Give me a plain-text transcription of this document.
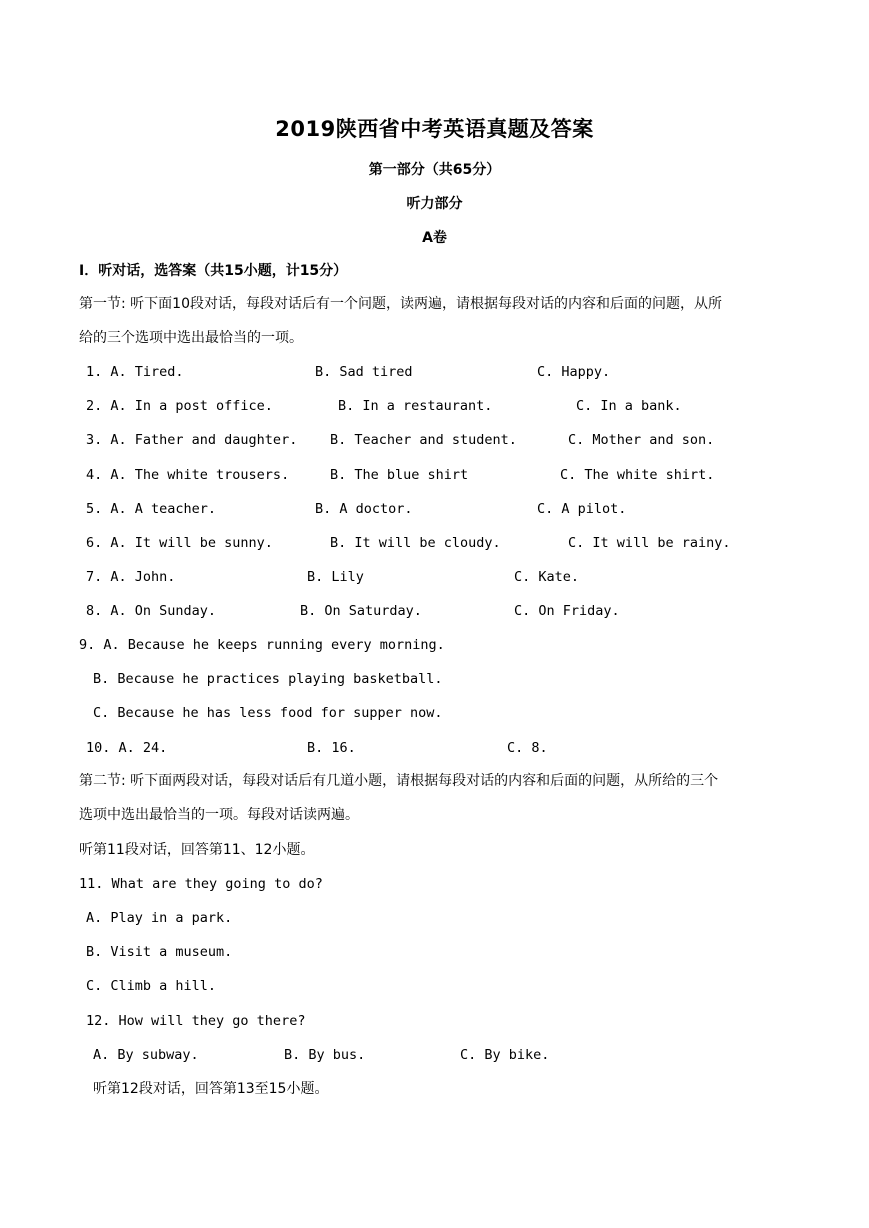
2019陕西省中考英语真题及答案
第一部分（共65分）
听力部分
A卷
I．听对话，选答案（共15小题，计15分）
第一节: 听下面10段对话，每段对话后有一个问题，读两遍，请根据每段对话的内容和后面的问题，从所
给的三个选项中选出最恰当的一项。
1. A. Tired.	B. Sad tired	C. Happy.
2. A. In a post office.	B. In a restaurant.	C. In a bank.
3. A. Father and daughter. B. Teacher and student.	C. Mother and son.
4. A. The white trousers.	B. The blue shirt	C. The white shirt.
5. A. A teacher.	B. A doctor.	C. A pilot.
6. A. It will be sunny.	B. It will be cloudy.	C. It will be rainy.
7. A. John.	B. Lily	C. Kate.
8. A. On Sunday.	B. On Saturday.	C. On Friday.
9. A. Because he keeps running every morning.
B. Because he practices playing basketball.
C. Because he has less food for supper now.
10. A. 24.	B. 16.	C. 8.
第二节: 听下面两段对话，每段对话后有几道小题，请根据每段对话的内容和后面的问题，从所给的三个
选项中选出最恰当的一项。每段对话读两遍。
听第11段对话，回答第11、12小题。
11. What are they going to do?
A. Play in a park.
B. Visit a museum.
C. Climb a hill.
12. How will they go there?
A. By subway.	B. By bus.	C. By bike.
听第12段对话，回答第13至15小题。
